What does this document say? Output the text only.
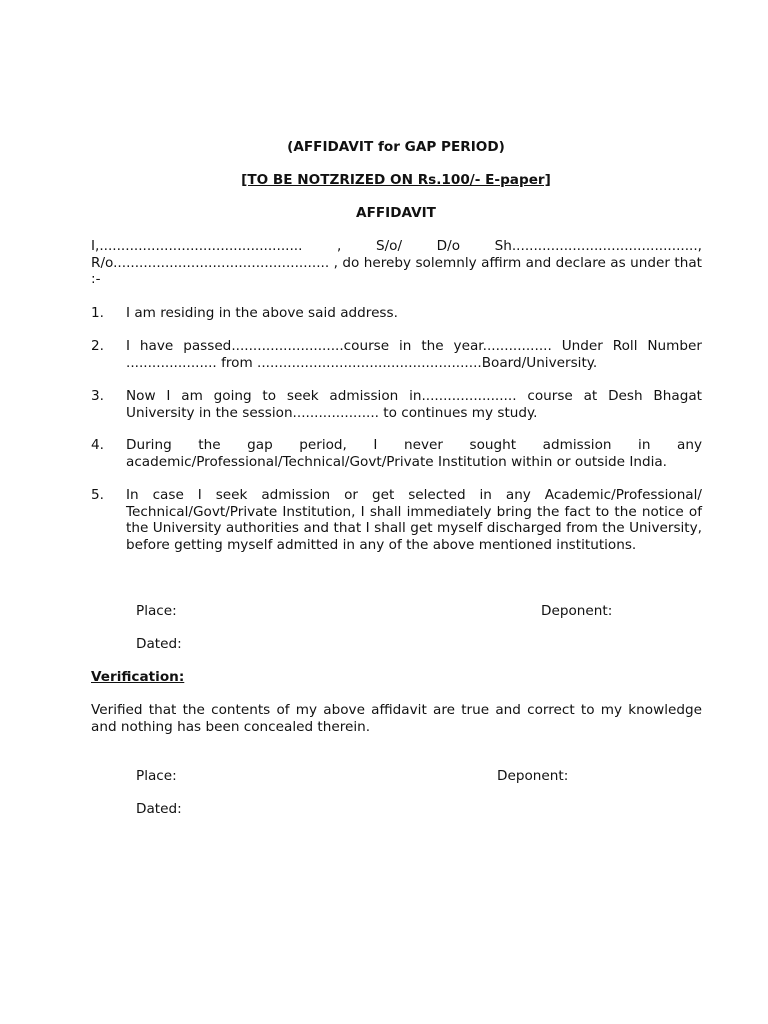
(AFFIDAVIT for GAP PERIOD)
[TO BE NOTZRIZED ON Rs.100/- E-paper]
AFFIDAVIT
I,............................................... , S/o/ D/o Sh..........................................., R/o.................................................. , do hereby solemnly affirm and declare as under that :-
1. I am residing in the above said address.
2. I have passed..........................course in the year................ Under Roll Number ..................... from ....................................................Board/University.
3. Now I am going to seek admission in...................... course at Desh Bhagat University in the session.................... to continues my study.
4. During the gap period, I never sought admission in any academic/Professional/Technical/Govt/Private Institution within or outside India.
5. In case I seek admission or get selected in any Academic/Professional/ Technical/Govt/Private Institution, I shall immediately bring the fact to the notice of the University authorities and that I shall get myself discharged from the University, before getting myself admitted in any of the above mentioned institutions.
Place:	Deponent:
Dated:
Verification:
Verified that the contents of my above affidavit are true and correct to my knowledge and nothing has been concealed therein.
Place:	Deponent:
Dated:
